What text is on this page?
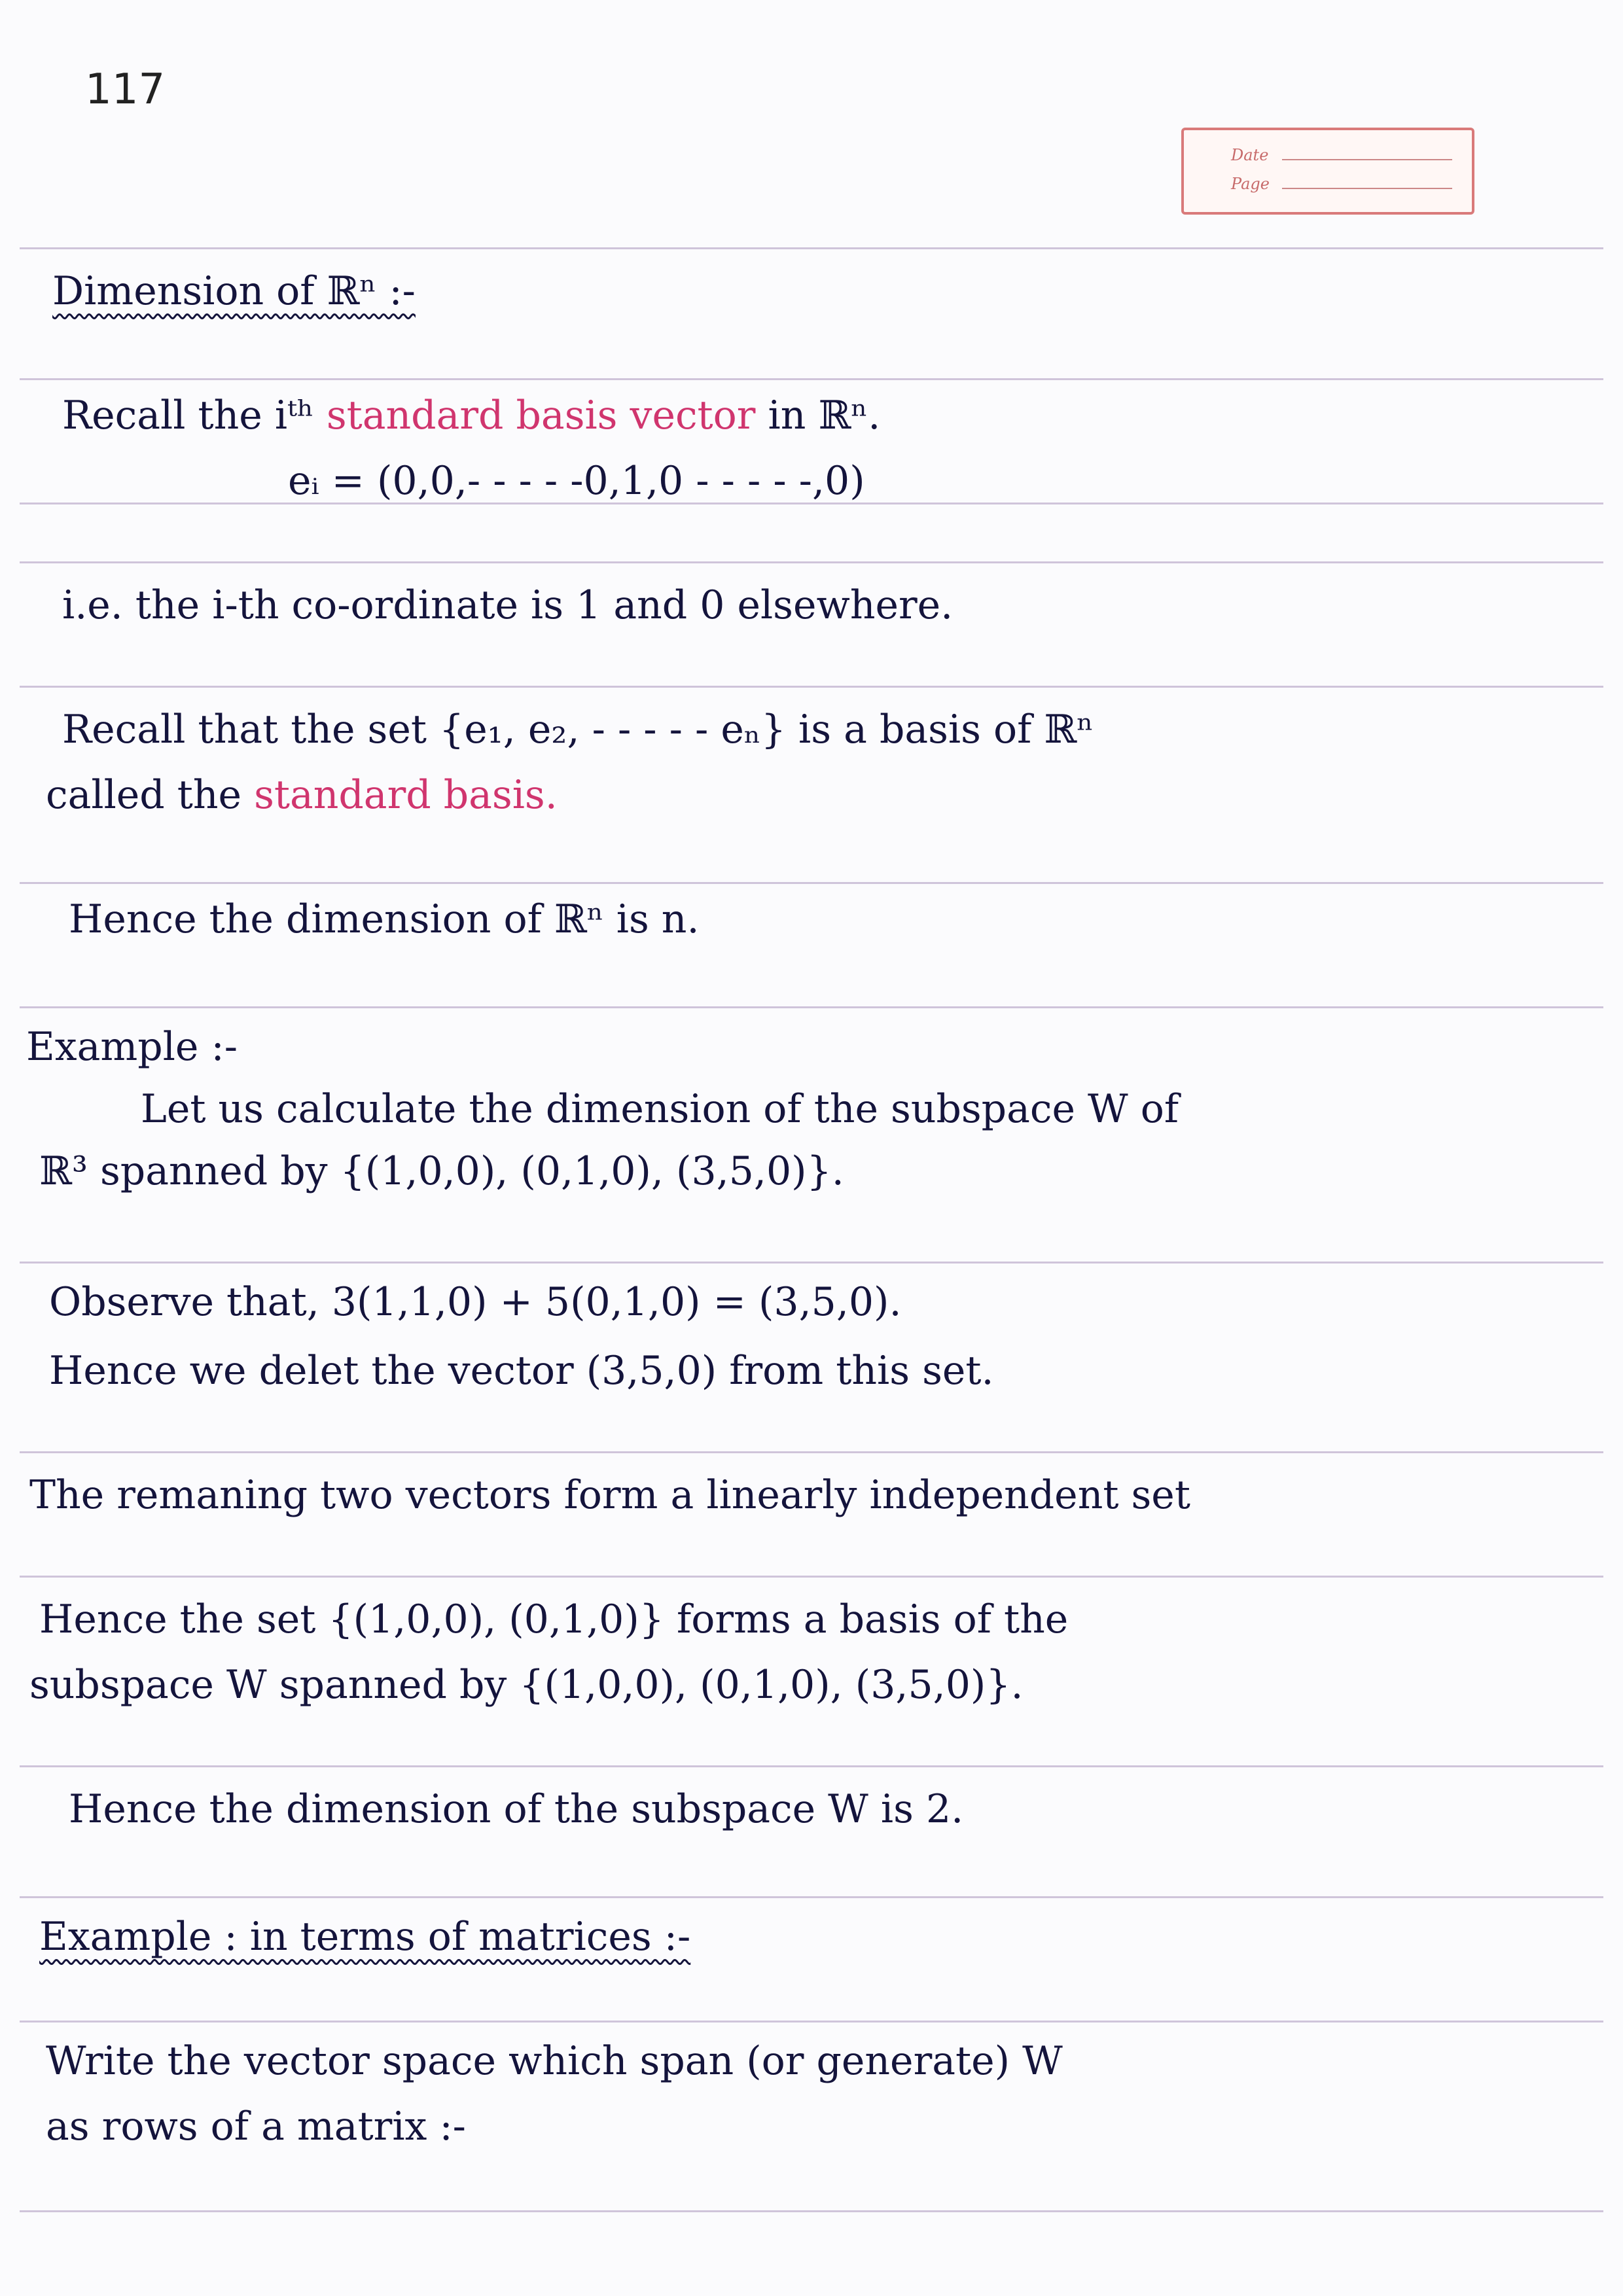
117
Date
Page
Dimension of ℝⁿ :-
Recall the iᵗʰ standard basis vector in ℝⁿ.
eᵢ = (0,0,- - - - -0,1,0 - - - - -,0)
i.e. the i-th co-ordinate is 1 and 0 elsewhere.
Recall that the set {e₁, e₂, - - - - - eₙ} is a basis of ℝⁿ
called the standard basis.
Hence the dimension of ℝⁿ is n.
Example :-
Let us calculate the dimension of the subspace W of
ℝ³ spanned by {(1,0,0), (0,1,0), (3,5,0)}.
Observe that, 3(1,1,0) + 5(0,1,0) = (3,5,0).
Hence we delet the vector (3,5,0) from this set.
The remaning two vectors form a linearly independent set
Hence the set {(1,0,0), (0,1,0)} forms a basis of the
subspace W spanned by {(1,0,0), (0,1,0), (3,5,0)}.
Hence the dimension of the subspace W is 2.
Example : in terms of matrices :-
Write the vector space which span (or generate) W
as rows of a matrix :-
